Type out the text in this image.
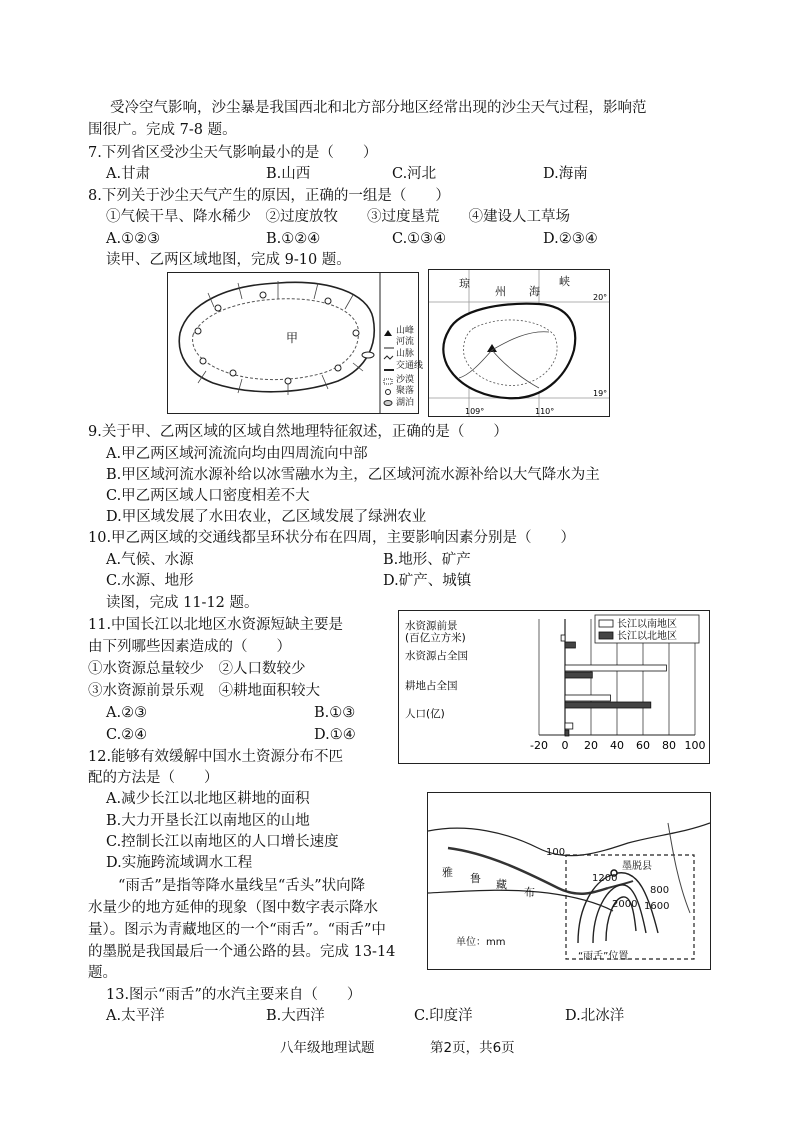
受冷空气影响，沙尘暴是我国西北和北方部分地区经常出现的沙尘天气过程，影响范
围很广。完成 7-8 题。
7.下列省区受沙尘天气影响最小的是（　　）
A.甘肃	B.山西	C.河北	D.海南
8.下列关于沙尘天气产生的原因，正确的一组是（　　）
①气候干旱、降水稀少　②过度放牧　　③过度垦荒　　④建设人工草场
A.①②③	B.①②④	C.①③④	D.②③④
读甲、乙两区域地图，完成 9-10 题。
甲	山峰
河流
山脉
交通线
沙漠
聚落
湖泊
109°	110°
20°
19°
琼
州 海
峡
9.关于甲、乙两区域的区域自然地理特征叙述，正确的是（　　）
A.甲乙两区域河流流向均由四周流向中部
B.甲区域河流水源补给以冰雪融水为主，乙区域河流水源补给以大气降水为主
C.甲乙两区域人口密度相差不大
D.甲区域发展了水田农业，乙区域发展了绿洲农业
10.甲乙两区域的交通线都呈环状分布在四周，主要影响因素分别是（　　）
A.气候、水源	B.地形、矿产
C.水源、地形	D.矿产、城镇
读图，完成 11-12 题。
11.中国长江以北地区水资源短缺主要是
由下列哪些因素造成的（　　）
①水资源总量较少　②人口数较少
③水资源前景乐观　④耕地面积较大
A.②③	B.①③
C.②④	D.①④
-20 0 20 40 60 80 100
水资源前景
(百亿立方米)
水资源占全国
耕地占全国
人口(亿)
长江以南地区
长江以北地区
12.能够有效缓解中国水土资源分布不匹
配的方法是（　　）
A.减少长江以北地区耕地的面积
B.大力开垦长江以南地区的山地
C.控制长江以南地区的人口增长速度
D.实施跨流域调水工程
“雨舌”是指等降水量线呈“舌头”状向降
水量少的地方延伸的现象（图中数字表示降水
量）。图示为青藏地区的一个“雨舌”。“雨舌”中
的墨脱是我国最后一个通公路的县。完成 13-14
题。
100
1200
800
2000 1600
墨脱县
雅 鲁 藏
布
单位：mm
“雨舌”位置
13.图示“雨舌”的水汽主要来自（　　）
A.太平洋	B.大西洋	C.印度洋	D.北冰洋
八年级地理试题	第2页，共6页
